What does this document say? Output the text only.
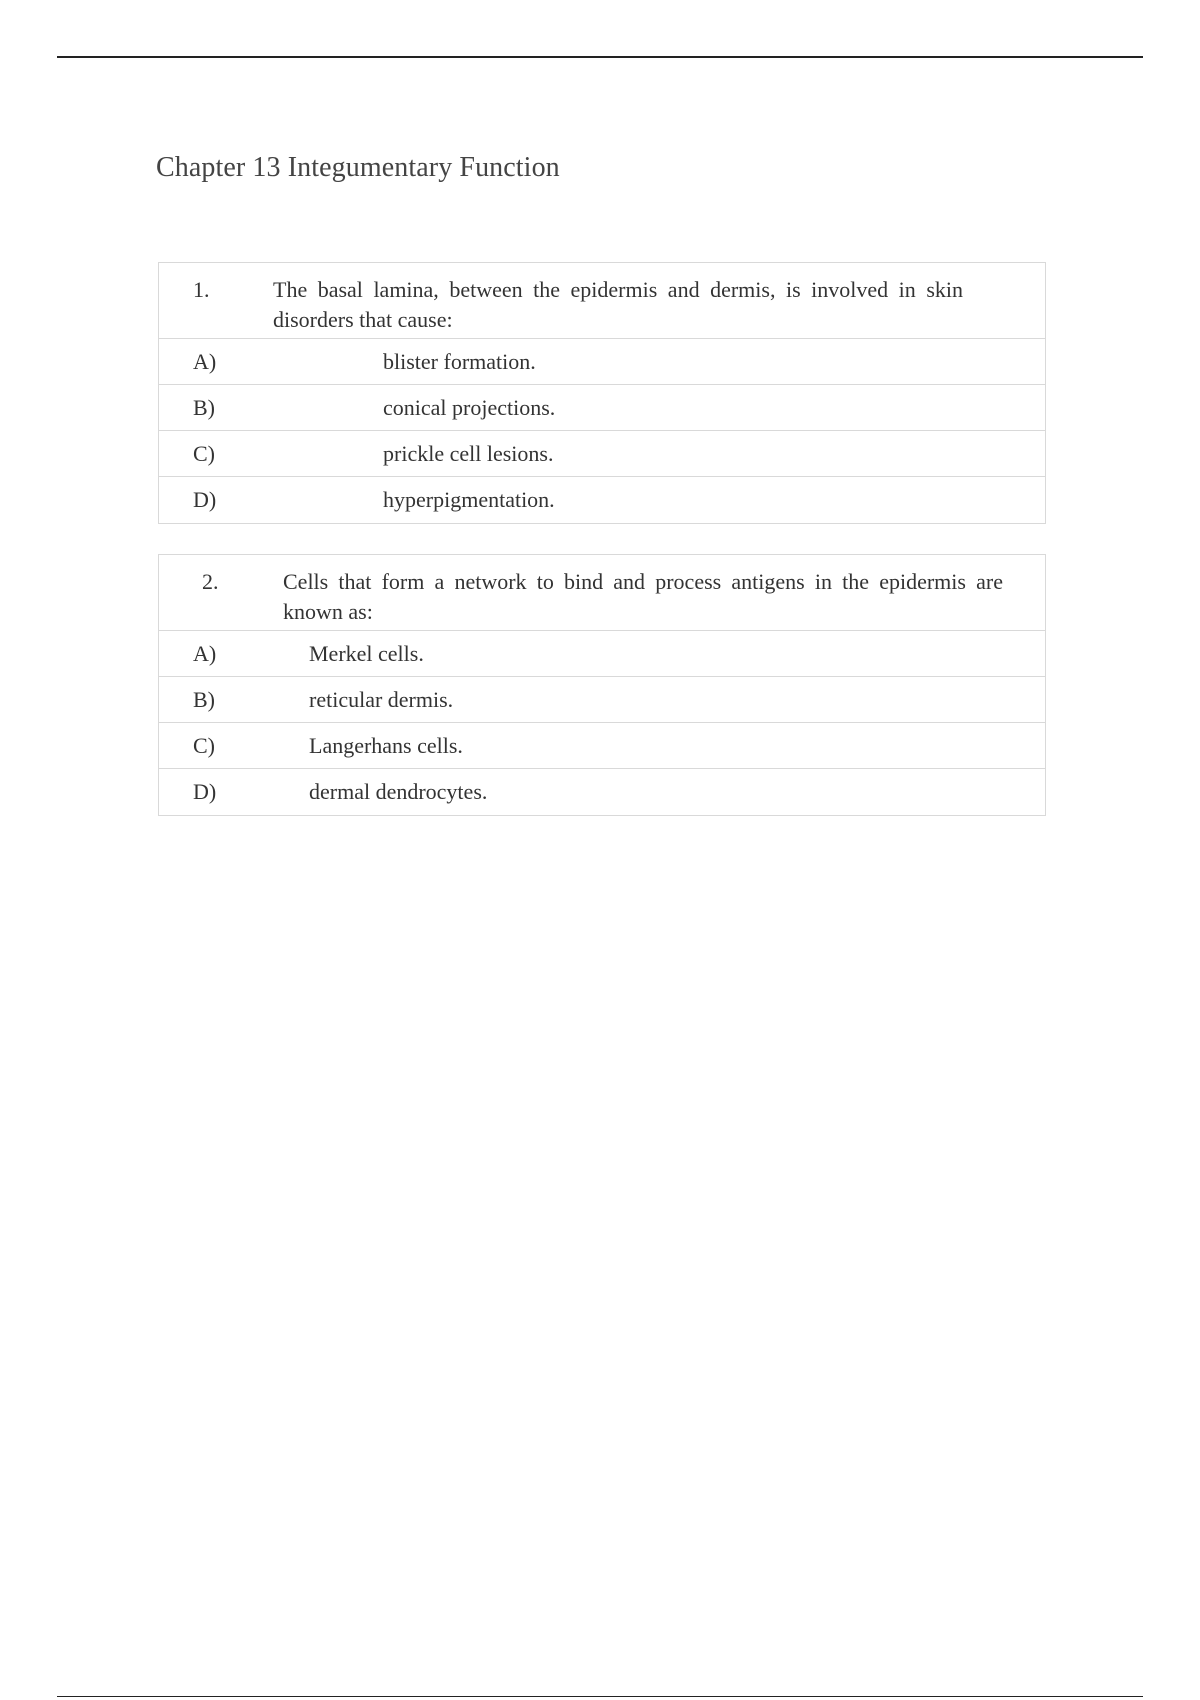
Chapter 13 Integumentary Function
1.	The basal lamina, between the epidermis and dermis, is involved in skin disorders that cause:
A)	blister formation.
B)	conical projections.
C)	prickle cell lesions.
D)	hyperpigmentation.
2.	Cells that form a network to bind and process antigens in the epidermis are known as:
A)	Merkel cells.
B)	reticular dermis.
C)	Langerhans cells.
D)	dermal dendrocytes.
